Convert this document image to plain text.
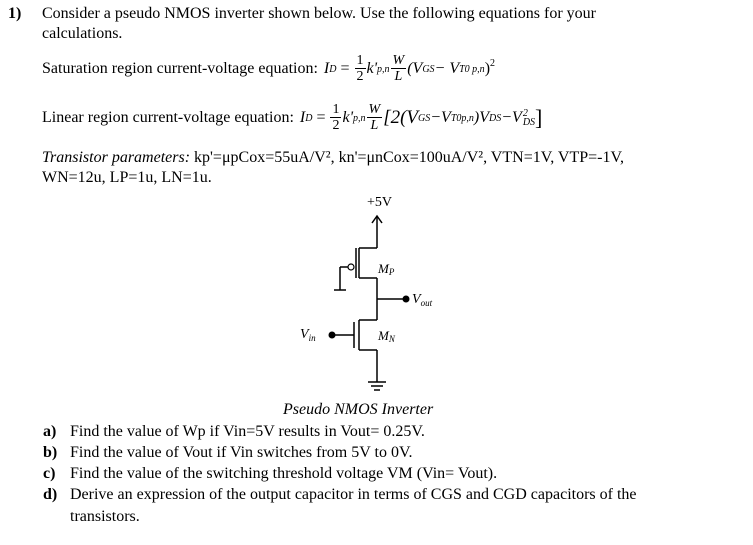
1) Consider a pseudo NMOS inverter shown below. Use the following equations for your
calculations.
Saturation region current-voltage equation: I $D = \frac{1}{2} k'$ $p,n \frac{W}{L} (V$ GS − V T0 p,n )$^2$
Linear region current-voltage equation: I $D = \frac{1}{2} k'$ $p,n \frac{W}{L} [2(V$ GS −V T0p,n )V DS −V 2
DS ]
Transistor parameters: kp'=μpCox=55uA/V², kn'=μnCox=100uA/V², VTN=1V, VTP=-1V,
WN=12u, LP=1u, LN=1u.
+5V
MP
$V_{out}$
$V_{in}$	MN
Pseudo NMOS Inverter
a) Find the value of Wp if Vin=5V results in Vout= 0.25V.
b) Find the value of Vout if Vin switches from 5V to 0V.
c) Find the value of the switching threshold voltage VM (Vin= Vout).
d) Derive an expression of the output capacitor in terms of CGS and CGD capacitors of the
transistors.
